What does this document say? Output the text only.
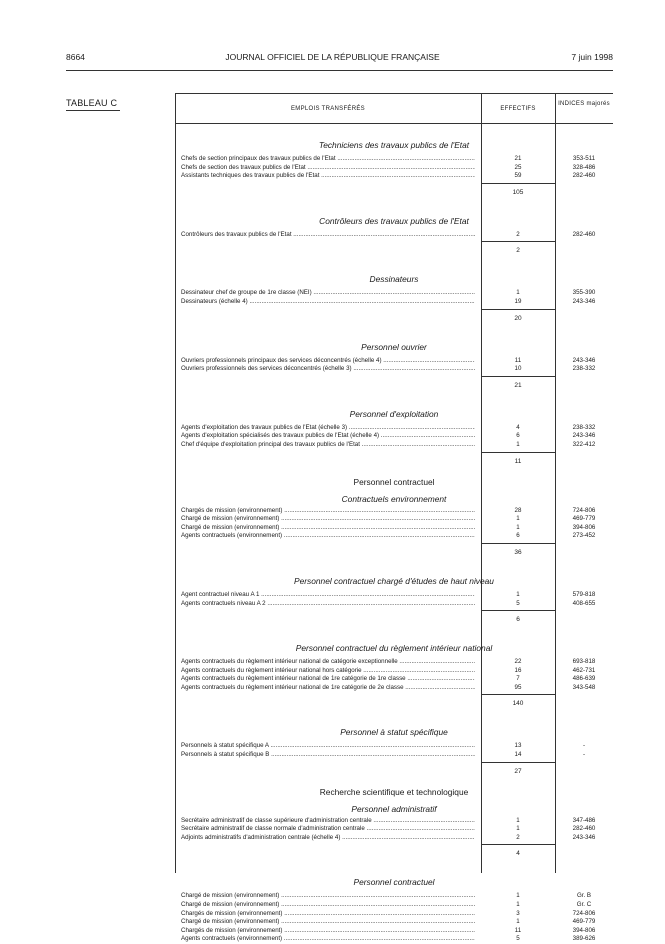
8664	JOURNAL OFFICIEL DE LA RÉPUBLIQUE FRANÇAISE	7 juin 1998
TABLEAU C
EMPLOIS TRANSFÉRÉS	EFFECTIFS
INDICES majorés
Techniciens des travaux publics de l'Etat
Chefs de section principaux des travaux publics de l'Etat .....	21	353-511
Chefs de section des travaux publics de l'Etat .....	25	328-486
Assistants techniques des travaux publics de l'Etat .....	59	282-460
105
Contrôleurs des travaux publics de l'Etat
Contrôleurs des travaux publics de l'Etat .....	2	282-460
2
Dessinateurs
Dessinateur chef de groupe de 1re classe (NEI) .....	1	355-390
Dessinateurs (échelle 4) .....	19	243-346
20
Personnel ouvrier
Ouvriers professionnels principaux des services déconcentrés (échelle 4) .....	11	243-346
Ouvriers professionnels des services déconcentrés (échelle 3) .....	10	238-332
21
Personnel d'exploitation
Agents d'exploitation des travaux publics de l'Etat (échelle 3) .....	4	238-332
Agents d'exploitation spécialisés des travaux publics de l'Etat (échelle 4) .....	6	243-346
Chef d'équipe d'exploitation principal des travaux publics de l'Etat .....	1	322-412
11
Personnel contractuel
Contractuels environnement
Chargés de mission (environnement) .....	28	724-806
Chargé de mission (environnement) .....	1	469-779
Chargé de mission (environnement) .....	1	394-806
Agents contractuels (environnement) .....	6	273-452
36
Personnel contractuel chargé d'études de haut niveau
Agent contractuel niveau A 1 .....	1	579-818
Agents contractuels niveau A 2 .....	5	408-655
6
Personnel contractuel du règlement intérieur national
Agents contractuels du règlement intérieur national de catégorie exceptionnelle .....	22	693-818
Agents contractuels du règlement intérieur national hors catégorie .....	16	462-731
Agents contractuels du règlement intérieur national de 1re catégorie de 1re classe .....	7	486-639
Agents contractuels du règlement intérieur national de 1re catégorie de 2e classe .....	95	343-548
140
Personnel à statut spécifique
Personnels à statut spécifique A .....	13	-
Personnels à statut spécifique B .....	14	-
27
Recherche scientifique et technologique
Personnel administratif
Secrétaire administratif de classe supérieure d'administration centrale .....	1	347-486
Secrétaire administratif de classe normale d'administration centrale .....	1	282-460
Adjoints administratifs d'administration centrale (échelle 4) .....	2	243-346
4
Personnel contractuel
Chargé de mission (environnement) .....	1	Gr. B
Chargé de mission (environnement) .....	1	Gr. C
Chargés de mission (environnement) .....	3	724-806
Chargé de mission (environnement) .....	1	469-779
Chargés de mission (environnement) .....	11	394-806
Agents contractuels (environnement) .....	5	389-626
